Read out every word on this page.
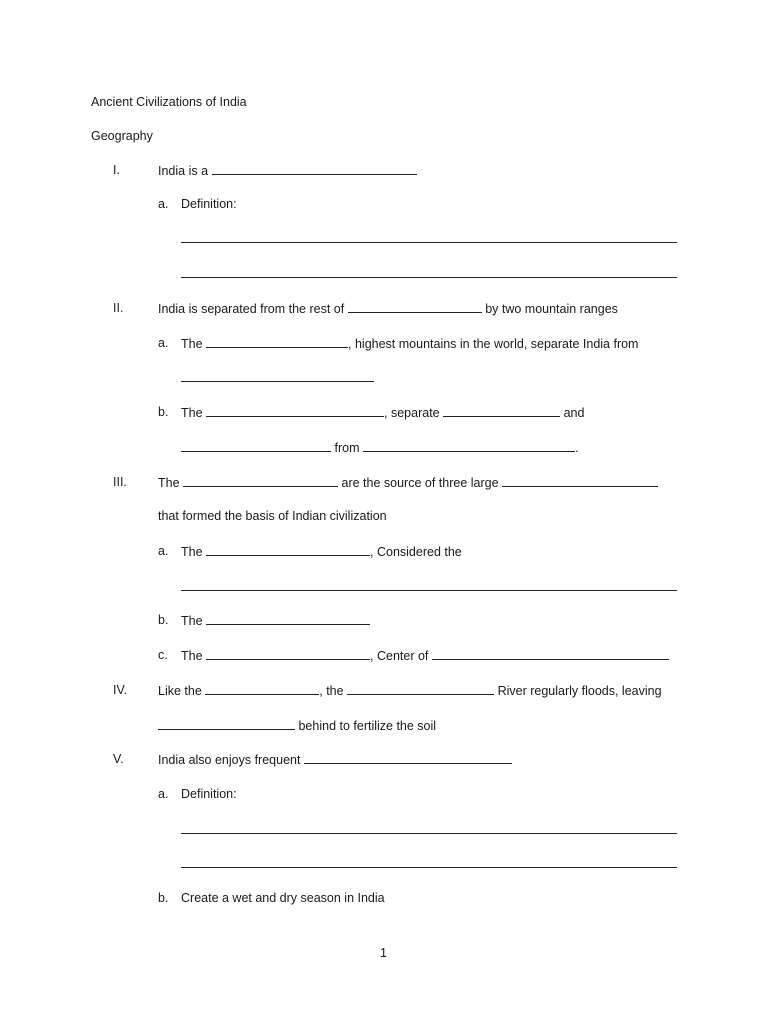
Ancient Civilizations of India
Geography
I.	India is a
a. Definition:
II.	India is separated from the rest of	by two mountain ranges
a. The	, highest mountains in the world, separate India from
b. The	, separate	and
from	.
III. The	are the source of three large
that formed the basis of Indian civilization
a. The	, Considered the
b. The
c. The	, Center of
IV. Like the	, the	River regularly floods, leaving
behind to fertilize the soil
V.	India also enjoys frequent
a. Definition:
b. Create a wet and dry season in India
1
